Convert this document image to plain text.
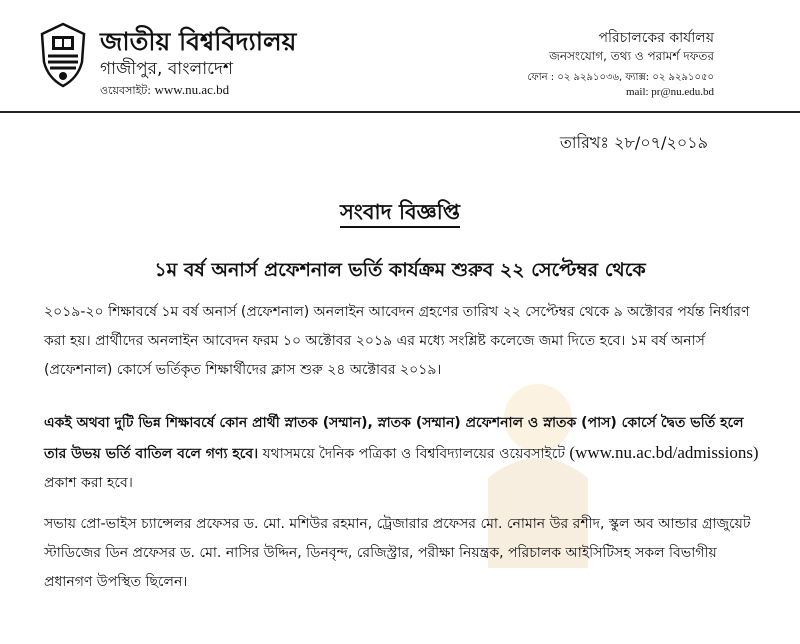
জাতীয় বিশ্ববিদ্যালয়
গাজীপুর, বাংলাদেশ
ওয়েবসাইট: www.nu.ac.bd
পরিচালকের কার্যালয়
জনসংযোগ, তথ্য ও পরামর্শ দফতর
ফোন : ০২ ৯২৯১০৩৬, ফ্যাক্স: ০২ ৯২৯১০৫০
mail: pr@nu.edu.bd
তারিখঃ ২৮/০৭/২০১৯
সংবাদ বিজ্ঞপ্তি
১ম বর্ষ অনার্স প্রফেশনাল ভর্তি কার্যক্রম শুরুব ২২ সেপ্টেম্বর থেকে

২০১৯-২০ শিক্ষাবর্ষে ১ম বর্ষ অনার্স (প্রফেশনাল) অনলাইন আবেদন গ্রহণের তারিখ ২২ সেপ্টেম্বর থেকে ৯ অক্টোবর পর্যন্ত নির্ধারণ করা হয়। প্রার্থীদের অনলাইন আবেদন ফরম ১০ অক্টোবর ২০১৯ এর মধ্যে সংশ্লিষ্ট কলেজে জমা দিতে হবে। ১ম বর্ষ অনার্স (প্রফেশনাল) কোর্সে ভর্তিকৃত শিক্ষার্থীদের ক্লাস শুরু ২৪ অক্টোবর ২০১৯।

একই অথবা দুটি ভিন্ন শিক্ষাবর্ষে কোন প্রার্থী স্নাতক (সম্মান), স্নাতক (সম্মান) প্রফেশনাল ও স্নাতক (পাস) কোর্সে দ্বৈত ভর্তি হলে তার উভয় ভর্তি বাতিল বলে গণ্য হবে। যথাসময়ে দৈনিক পত্রিকা ও বিশ্ববিদ্যালয়ের ওয়েবসাইটে (www.nu.ac.bd/admissions) প্রকাশ করা হবে।

সভায় প্রো-ভাইস চ্যান্সেলর প্রফেসর ড. মো. মশিউর রহমান, ট্রেজারার প্রফেসর মো. নোমান উর রশীদ, স্কুল অব আন্ডার গ্রাজুয়েট স্টাডিজের ডিন প্রফেসর ড. মো. নাসির উদ্দিন, ডিনবৃন্দ, রেজিস্ট্রার, পরীক্ষা নিয়ন্ত্রক, পরিচালক আইসিটিসহ সকল বিভাগীয় প্রধানগণ উপস্থিত ছিলেন।
